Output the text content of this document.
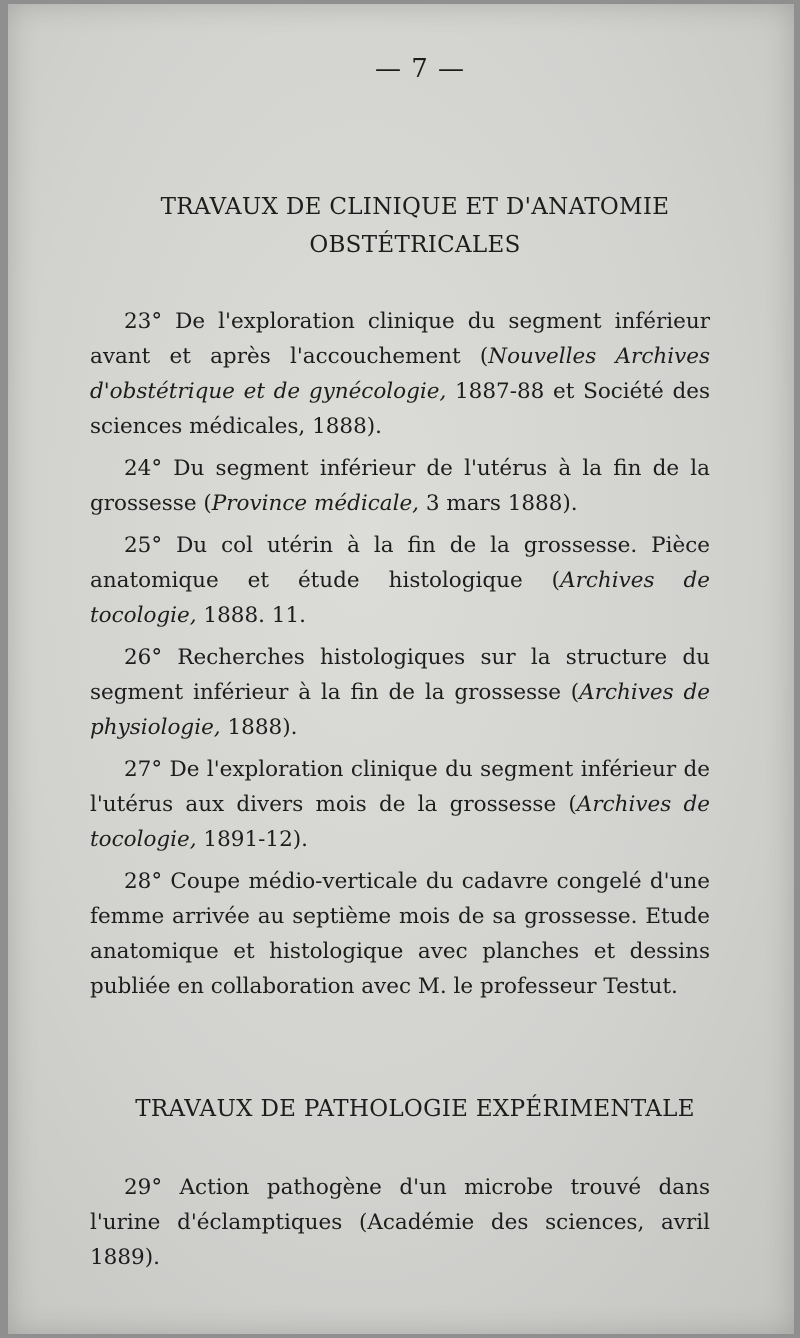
— 7 —
TRAVAUX DE CLINIQUE ET D'ANATOMIE
OBSTÉTRICALES

23° De l'exploration clinique du segment inférieur avant et après l'accouchement (Nouvelles Archives d'obstétrique et de gynécologie, 1887-88 et Société des sciences médicales, 1888).

24° Du segment inférieur de l'utérus à la fin de la grossesse (Province médicale, 3 mars 1888).

25° Du col utérin à la fin de la grossesse. Pièce anatomique et étude histologique (Archives de tocologie, 1888. 11.

26° Recherches histologiques sur la structure du segment inférieur à la fin de la grossesse (Archives de physiologie, 1888).

27° De l'exploration clinique du segment inférieur de l'utérus aux divers mois de la grossesse (Archives de tocologie, 1891-12).

28° Coupe médio-verticale du cadavre congelé d'une femme arrivée au septième mois de sa grossesse. Etude anatomique et histologique avec planches et dessins publiée en collaboration avec M. le professeur Testut.

TRAVAUX DE PATHOLOGIE EXPÉRIMENTALE

29° Action pathogène d'un microbe trouvé dans l'urine d'éclamptiques (Académie des sciences, avril 1889).
